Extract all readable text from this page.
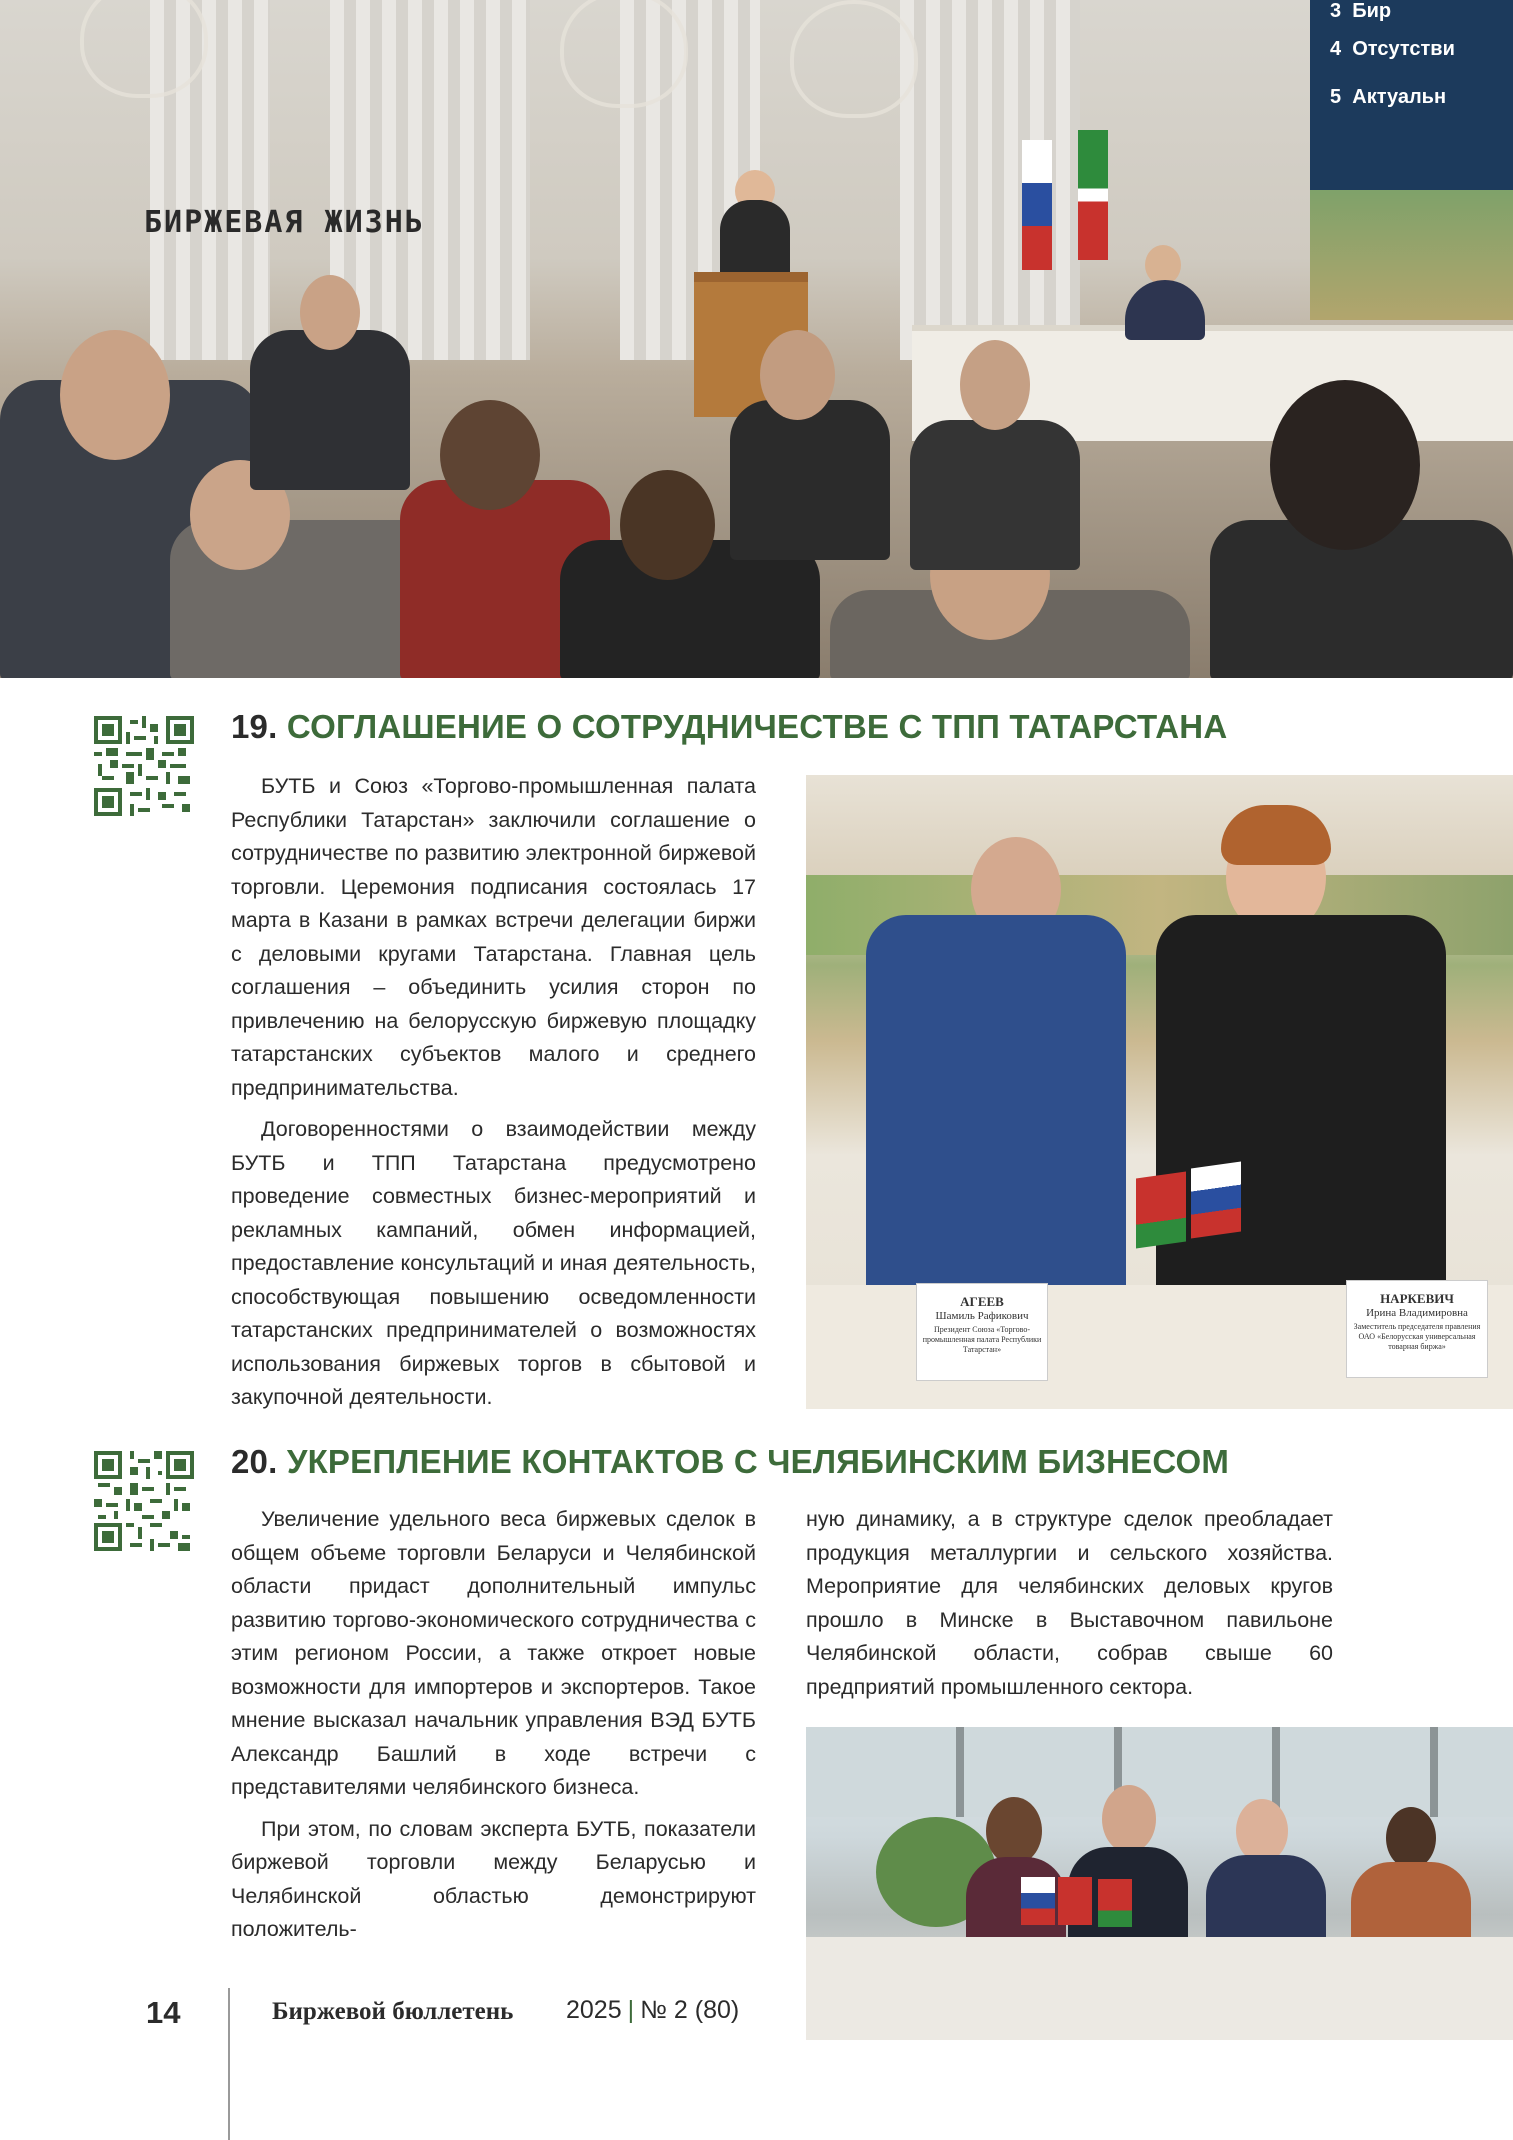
3 Бир
4 Отсутстви
5 Актуальн
БИРЖЕВАЯ ЖИЗНЬ
19. СОГЛАШЕНИЕ О СОТРУДНИЧЕСТВЕ С ТПП ТАТАРСТАНА

БУТБ и Союз «Торгово-промышленная палата Республики Татарстан» заключили соглашение о сотрудничестве по развитию электронной биржевой торговли. Церемония подписания состоялась 17 марта в Казани в рамках встречи делегации биржи с деловыми кругами Татарстана. Главная цель соглашения – объединить усилия сторон по привлечению на белорусскую биржевую площадку татарстанских субъектов малого и среднего предпринимательства.

Договоренностями о взаимодействии между БУТБ и ТПП Татарстана предусмотрено проведение совместных бизнес-мероприятий и рекламных кампаний, обмен информацией, предоставление консультаций и иная деятельность, способствующая повышению осведомленности татарстанских предпринимателей о возможностях использования биржевых торгов в сбытовой и закупочной деятельности.

АГЕЕВ
Шамиль Рафикович
Президент Союза «Торгово-промышленная палата Республики Татарстан»
НАРКЕВИЧ
Ирина Владимировна
Заместитель председателя правления ОАО «Белорусская универсальная товарная биржа»
20. УКРЕПЛЕНИЕ КОНТАКТОВ С ЧЕЛЯБИНСКИМ БИЗНЕСОМ

Увеличение удельного веса биржевых сделок в общем объеме торговли Беларуси и Челябинской области придаст дополнительный импульс развитию торгово-экономического сотрудничества с этим регионом России, а также откроет новые возможности для импортеров и экспортеров. Такое мнение высказал начальник управления ВЭД БУТБ Александр Башлий в ходе встречи с представителями челябинского бизнеса.

При этом, по словам эксперта БУТБ, показатели биржевой торговли между Беларусью и Челябинской областью демонстрируют положитель-

ную динамику, а в структуре сделок преобладает продукция металлургии и сельского хозяйства. Мероприятие для челябинских деловых кругов прошло в Минске в Выставочном павильоне Челябинской области, собрав свыше 60 предприятий промышленного сектора.

14	Биржевой бюллетень 2025 | № 2 (80)
